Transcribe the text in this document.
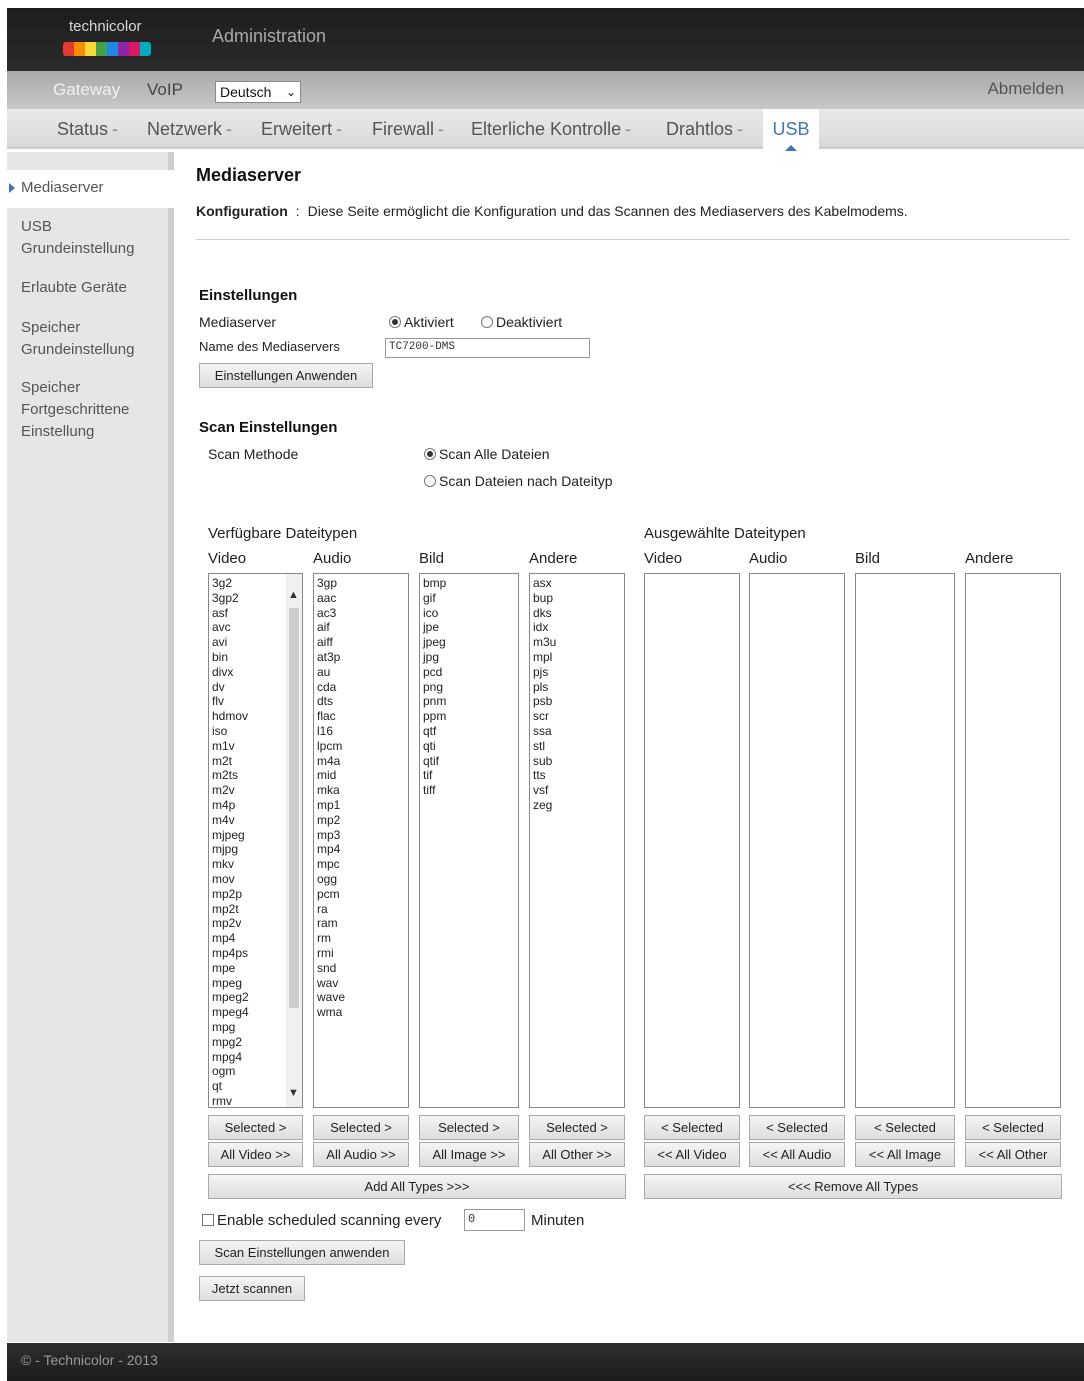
technicolor	Administration
Gateway VoIP	Deutsch ⌄	Abmelden
Status - Netzwerk - Erweitert - Firewall - Elterliche Kontrolle - Drahtlos -	USB
Mediaserver
USB
Grundeinstellung
Erlaubte Geräte
Speicher
Grundeinstellung
Speicher
Fortgeschrittene
Einstellung
Mediaserver
Konfiguration : Diese Seite ermöglicht die Konfiguration und das Scannen des Mediaservers des Kabelmodems.
Einstellungen
Mediaserver	Aktiviert	Deaktiviert
Name des Mediaservers	TC7200-DMS
Einstellungen Anwenden
Scan Einstellungen
Scan Methode	Scan Alle Dateien
Scan Dateien nach Dateityp
Verfügbare Dateitypen	Ausgewählte Dateitypen
Video	Audio	Bild	Andere	Video	Audio	Bild	Andere
3g2
3gp2
asf
avc
avi
bin
divx
dv
flv
hdmov
iso
m1v
m2t
m2ts
m2v
m4p
m4v
mjpeg
mjpg
mkv
mov
mp2p
mp2t
mp2v
mp4
mp4ps
mpe
mpeg
mpeg2
mpeg4
mpg
mpg2
mpg4
ogm
qt
rmv
▲
▼
3gp
aac
ac3
aif
aiff
at3p
au
cda
dts
flac
l16
lpcm
m4a
mid
mka
mp1
mp2
mp3
mp4
mpc
ogg
pcm
ra
ram
rm
rmi
snd
wav
wave
wma
bmp
gif
ico
jpe
jpeg
jpg
pcd
png
pnm
ppm
qtf
qti
qtif
tif
tiff
asx
bup
dks
idx
m3u
mpl
pjs
pls
psb
scr
ssa
stl
sub
tts
vsf
zeg
Selected >	Selected >	Selected >	Selected >	< Selected	< Selected	< Selected	< Selected
All Video >>	All Audio >>	All Image >>	All Other >>	<< All Video	<< All Audio	<< All Image	<< All Other
Add All Types >>>	<<< Remove All Types
Enable scheduled scanning every	0	Minuten
Scan Einstellungen anwenden
Jetzt scannen
© - Technicolor - 2013
